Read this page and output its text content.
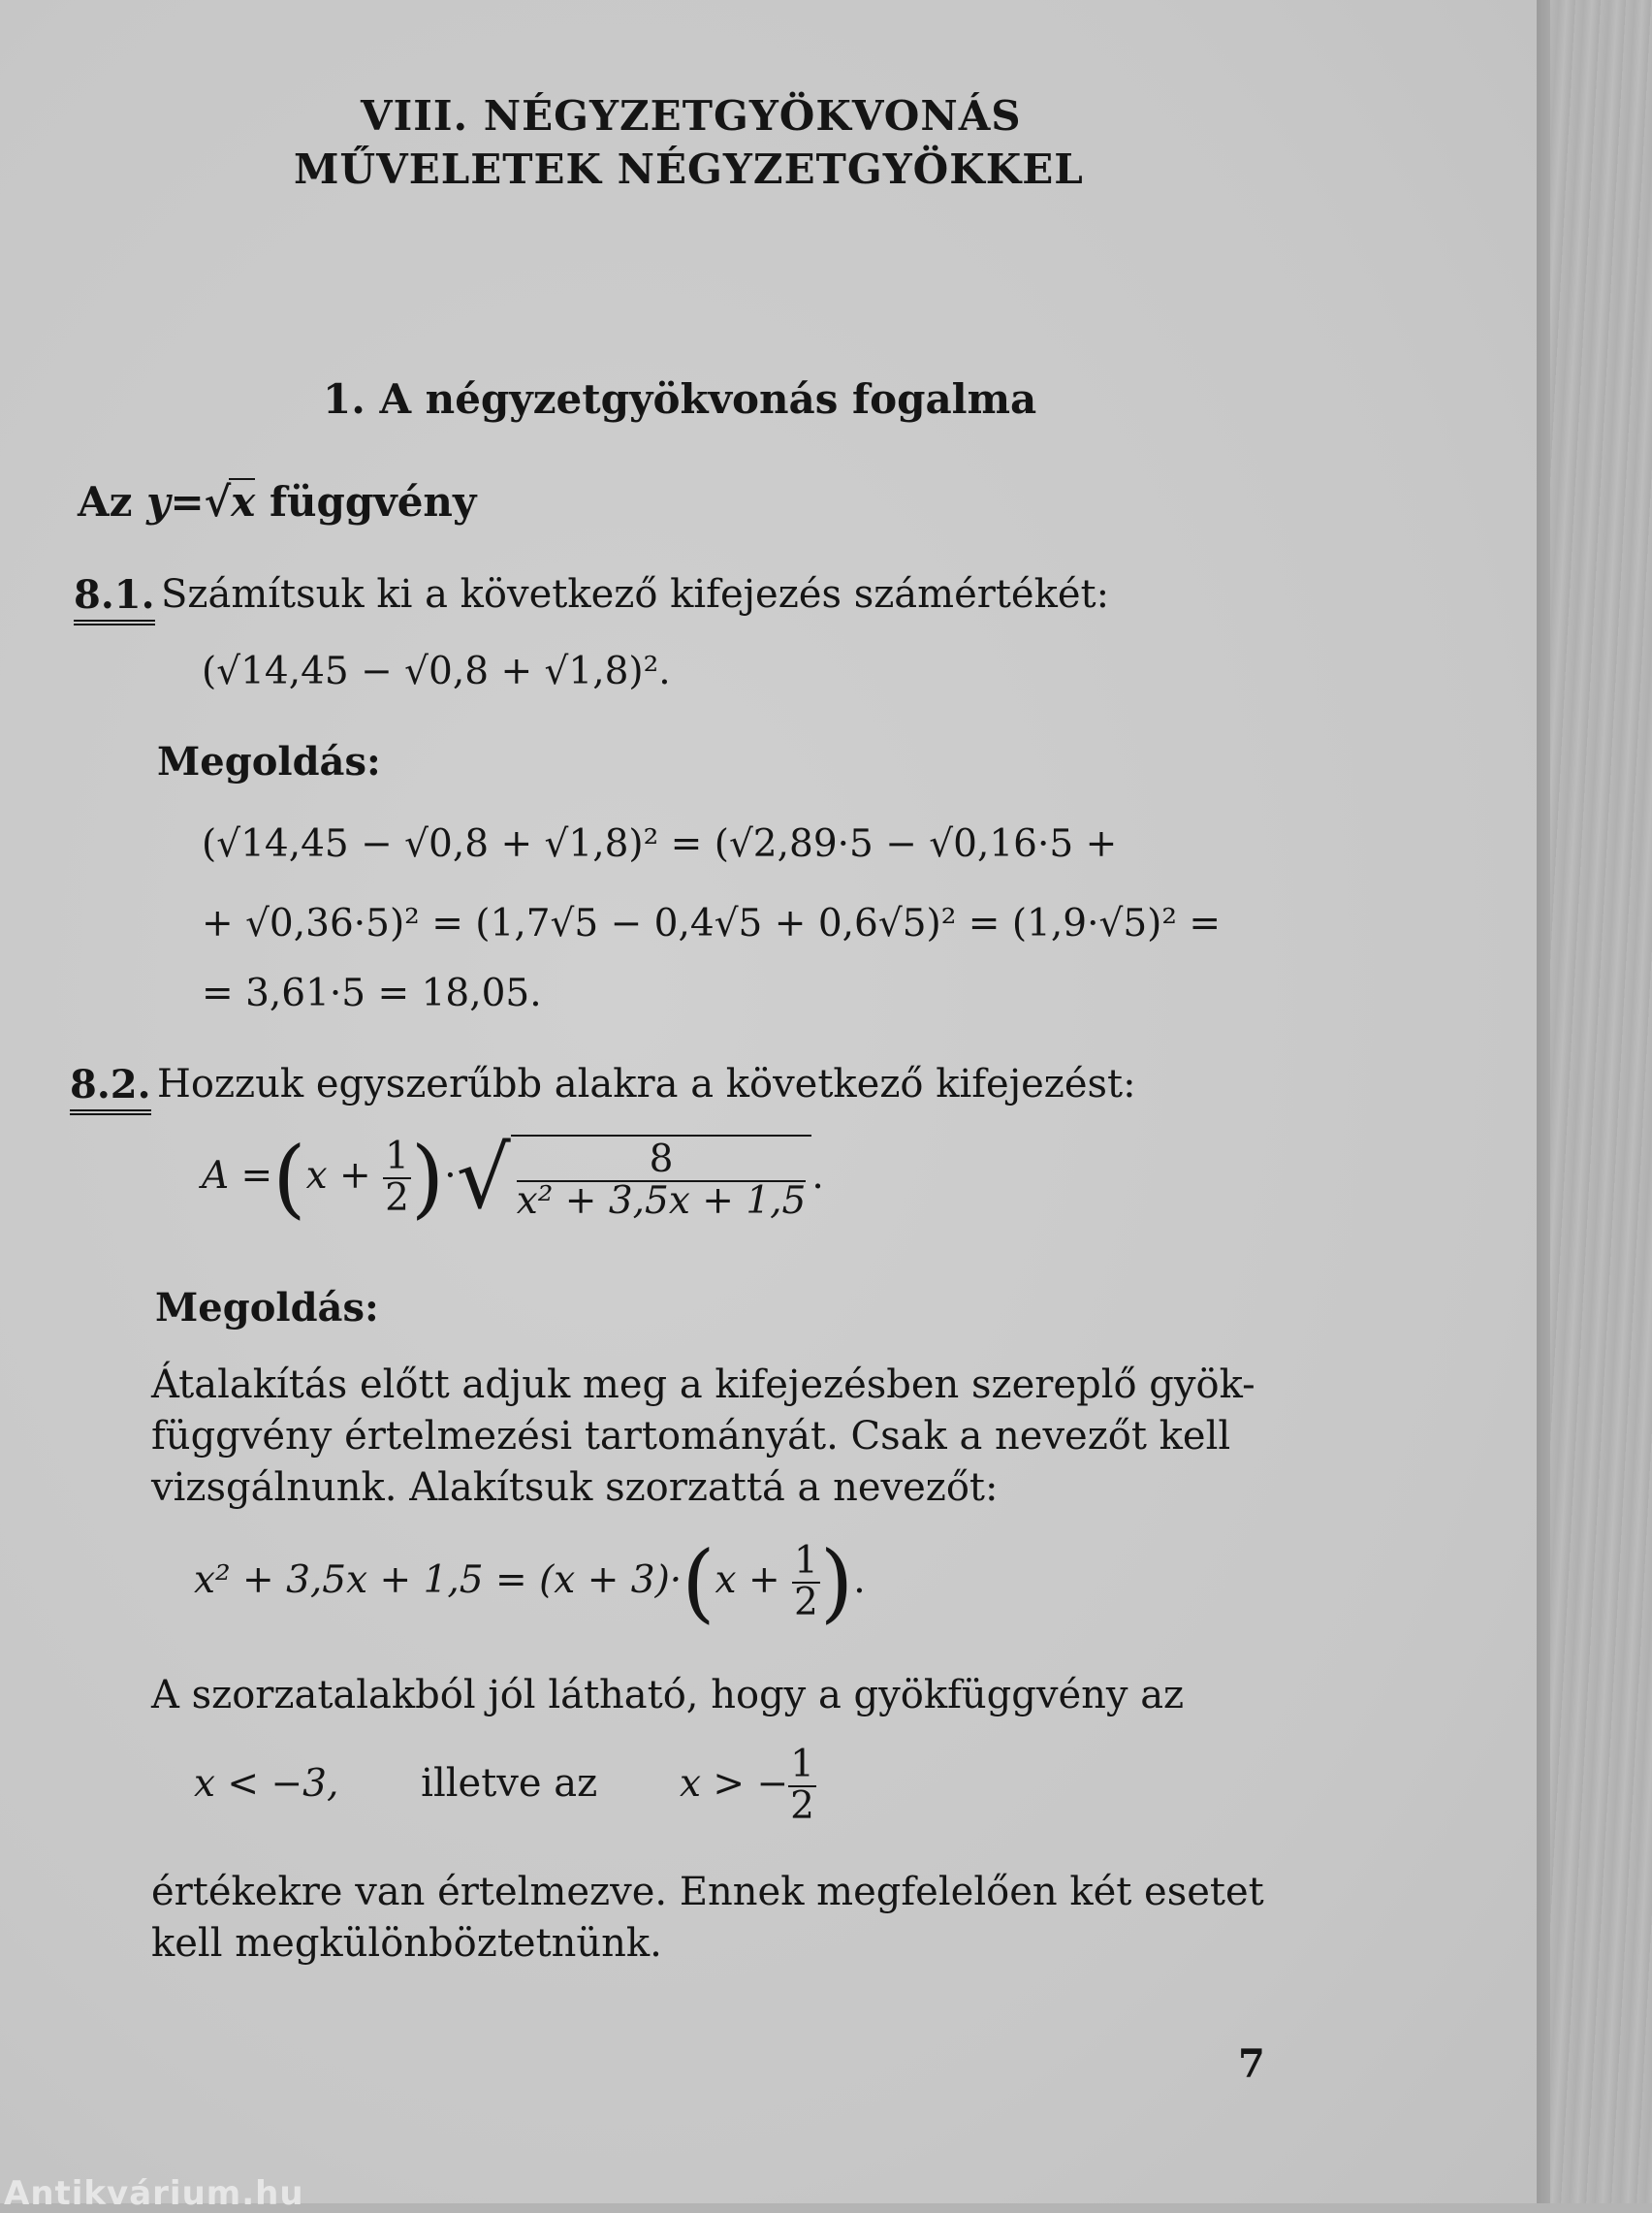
VIII. NÉGYZETGYÖKVONÁS
MŰVELETEK NÉGYZETGYÖKKEL
1. A négyzetgyökvonás fogalma
Az y=√x függvény
8.1. Számítsuk ki a következő kifejezés számértékét:
(√14,45 − √0,8 + √1,8)².
Megoldás:
(√14,45 − √0,8 + √1,8)² = (√2,89·5 − √0,16·5 +
+ √0,36·5)² = (1,7√5 − 0,4√5 + 0,6√5)² = (1,9·√5)² =
= 3,61·5 = 18,05.
8.2. Hozzuk egyszerűbb alakra a következő kifejezést:
$A =(x + \frac{1}{2}$ )·√ $\frac{8}{\text{x² + 3,5x + 1,5}}$ .
Megoldás:
Átalakítás előtt adjuk meg a kifejezésben szereplő gyök-
függvény értelmezési tartományát. Csak a nevezőt kell
vizsgálnunk. Alakítsuk szorzattá a nevezőt:
$x^2 + 3,5x + 1,5 = (x + 3)\cdot(x + \frac{1}{2}$ ).
A szorzatalakból jól látható, hogy a gyökfüggvény az
x < −3, illetve az x > − $\frac{1}{2}$
értékekre van értelmezve. Ennek megfelelően két esetet
kell megkülönböztetnünk.
7
Antikvárium.hu
